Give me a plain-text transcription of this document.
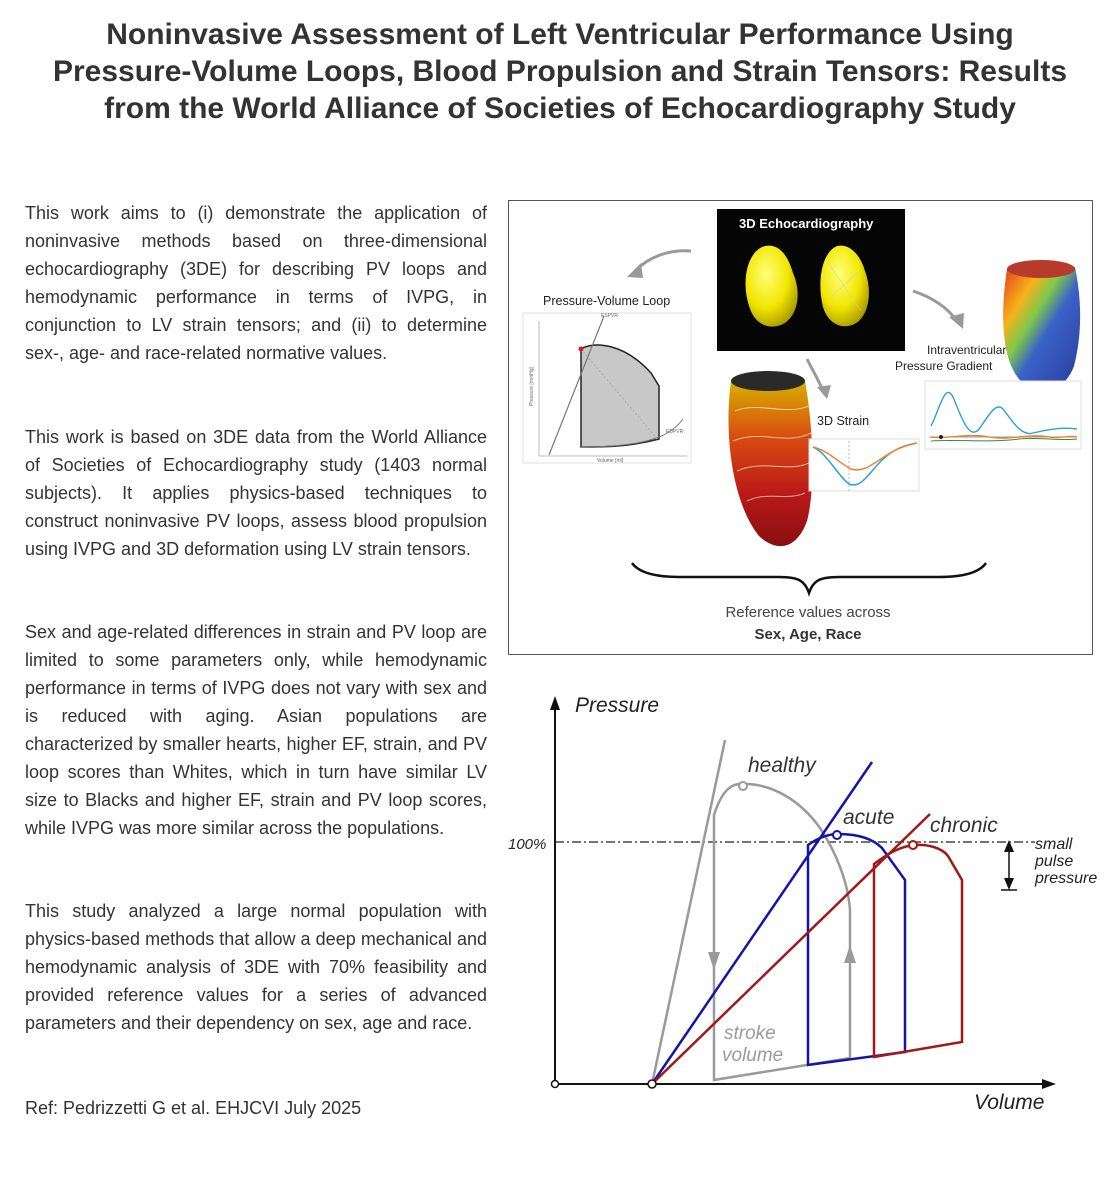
Noninvasive Assessment of Left Ventricular Performance Using Pressure-Volume Loops, Blood Propulsion and Strain Tensors: Results from the World Alliance of Societies of Echocardiography Study

This work aims to (i) demonstrate the application of noninvasive methods based on three-dimensional echocardiography (3DE) for describing PV loops and hemodynamic performance in terms of IVPG, in conjunction to LV strain tensors; and (ii) to determine sex-, age- and race-related normative values.

This work is based on 3DE data from the World Alliance of Societies of Echocardiography study (1403 normal subjects). It applies physics-based techniques to construct noninvasive PV loops, assess blood propulsion using IVPG and 3D deformation using LV strain tensors.

Sex and age-related differences in strain and PV loop are limited to some parameters only, while hemodynamic performance in terms of IVPG does not vary with sex and is reduced with aging. Asian populations are characterized by smaller hearts, higher EF, strain, and PV loop scores than Whites, which in turn have similar LV size to Blacks and higher EF, strain and PV loop scores, while IVPG was more similar across the populations.

This study analyzed a large normal population with physics-based methods that allow a deep mechanical and hemodynamic analysis of 3DE with 70% feasibility and provided reference values for a series of advanced parameters and their dependency on sex, age and race.

Ref: Pedrizzetti G et al. EHJCVI July 2025

3D Echocardiography
Pressure-Volume Loop
ESPVR
EDPVR
Volume [ml]
Pressure [mmHg]
3D Strain
Intraventricular
Pressure Gradient
Reference values across
Sex, Age, Race
Pressure
Volume
100%
healthy
stroke
volume
acute chronic
small
pulse
pressure
